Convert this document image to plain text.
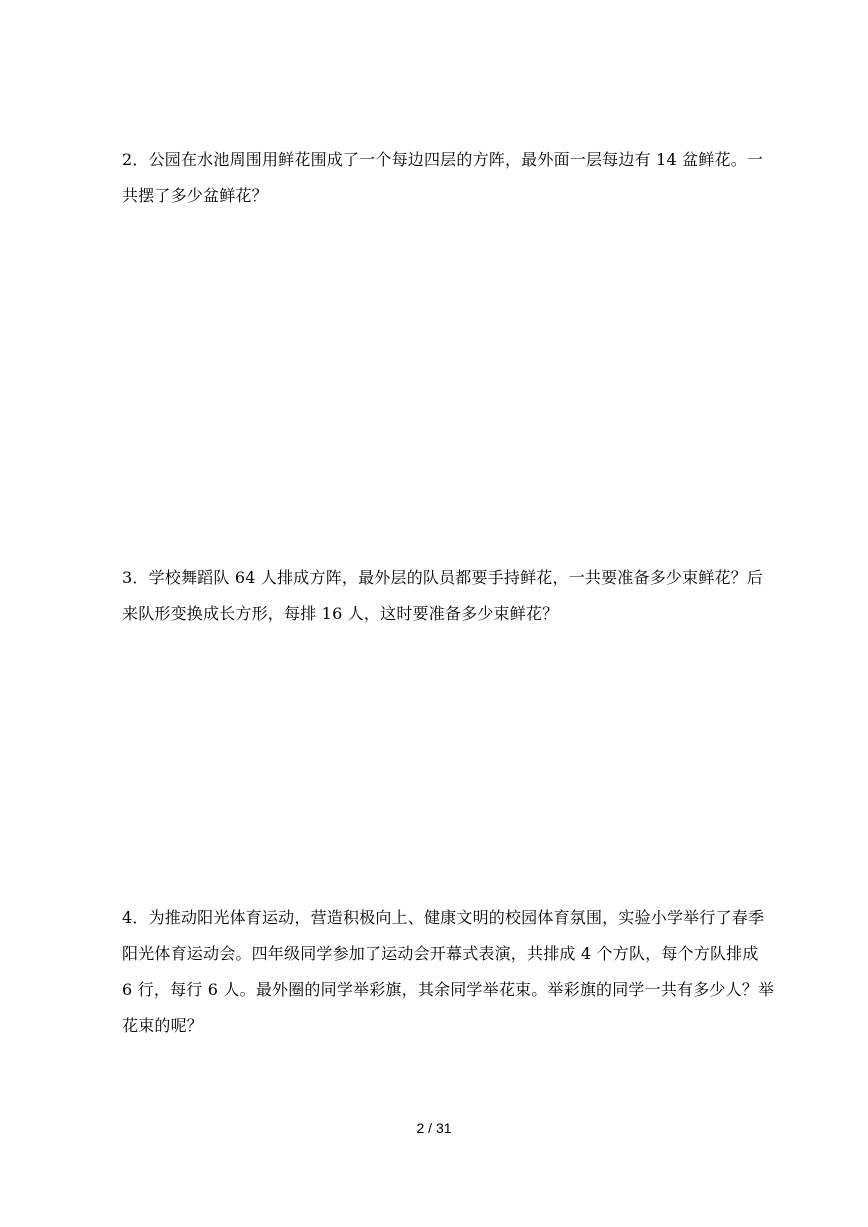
2．公园在水池周围用鲜花围成了一个每边四层的方阵，最外面一层每边有 14 盆鲜花。一
共摆了多少盆鲜花？
3．学校舞蹈队 64 人排成方阵，最外层的队员都要手持鲜花，一共要准备多少束鲜花？后
来队形变换成长方形，每排 16 人，这时要准备多少束鲜花？
4．为推动阳光体育运动，营造积极向上、健康文明的校园体育氛围，实验小学举行了春季
阳光体育运动会。四年级同学参加了运动会开幕式表演，共排成 4 个方队，每个方队排成
6 行，每行 6 人。最外圈的同学举彩旗，其余同学举花束。举彩旗的同学一共有多少人？举
花束的呢？
2 / 31
